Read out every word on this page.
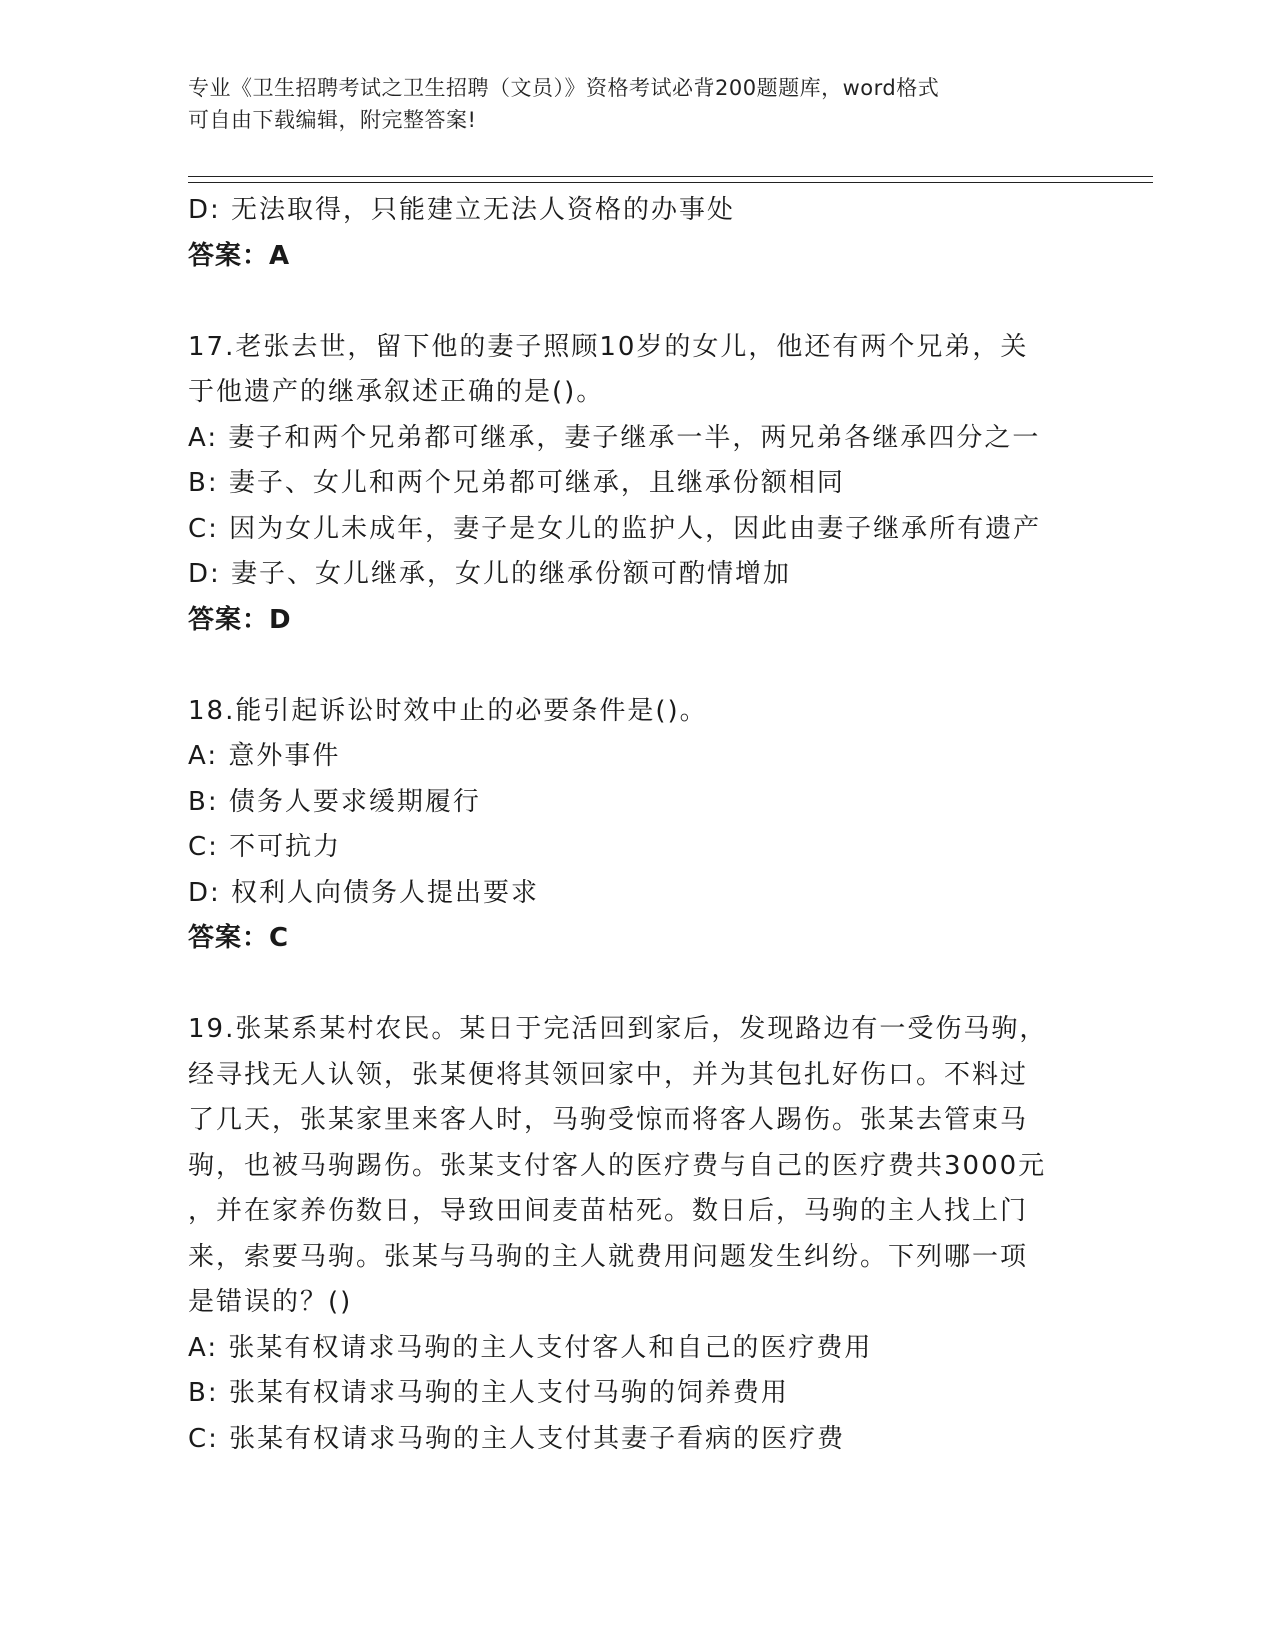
专业《卫生招聘考试之卫生招聘（文员）》资格考试必背200题题库，word格式
可自由下载编辑，附完整答案!
D: 无法取得，只能建立无法人资格的办事处
答案：A
17.老张去世，留下他的妻子照顾10岁的女儿，他还有两个兄弟，关
于他遗产的继承叙述正确的是()。
A: 妻子和两个兄弟都可继承，妻子继承一半，两兄弟各继承四分之一
B: 妻子、女儿和两个兄弟都可继承，且继承份额相同
C: 因为女儿未成年，妻子是女儿的监护人，因此由妻子继承所有遗产
D: 妻子、女儿继承，女儿的继承份额可酌情增加
答案：D
18.能引起诉讼时效中止的必要条件是()。
A: 意外事件
B: 债务人要求缓期履行
C: 不可抗力
D: 权利人向债务人提出要求
答案：C
19.张某系某村农民。某日于完活回到家后，发现路边有一受伤马驹，
经寻找无人认领，张某便将其领回家中，并为其包扎好伤口。不料过
了几天，张某家里来客人时，马驹受惊而将客人踢伤。张某去管束马
驹，也被马驹踢伤。张某支付客人的医疗费与自己的医疗费共3000元
，并在家养伤数日，导致田间麦苗枯死。数日后，马驹的主人找上门
来，索要马驹。张某与马驹的主人就费用问题发生纠纷。下列哪一项
是错误的？()
A: 张某有权请求马驹的主人支付客人和自己的医疗费用
B: 张某有权请求马驹的主人支付马驹的饲养费用
C: 张某有权请求马驹的主人支付其妻子看病的医疗费
